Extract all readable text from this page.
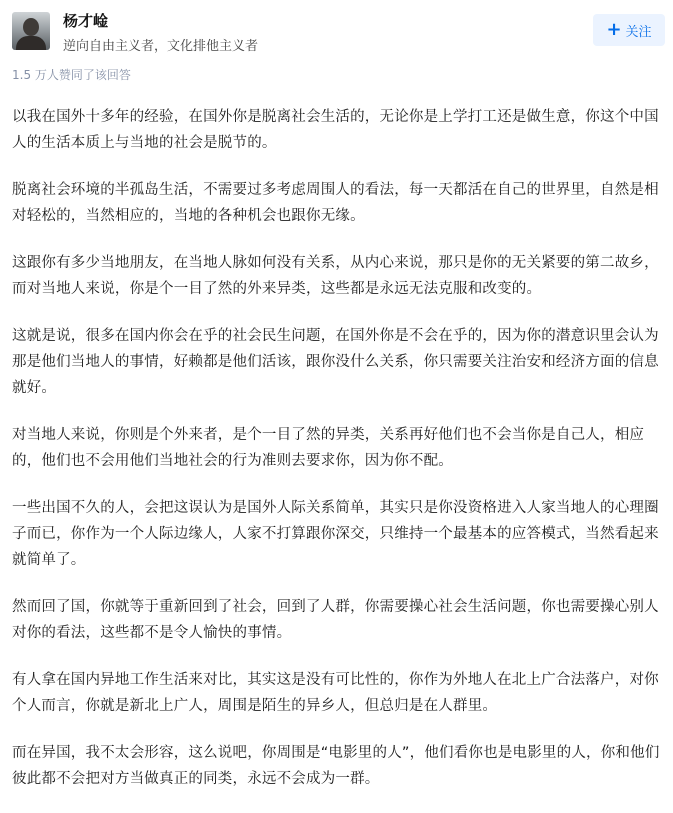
杨才崯
逆向自由主义者，文化排他主义者
+ 关注
1.5 万人赞同了该回答

以我在国外十多年的经验，在国外你是脱离社会生活的，无论你是上学打工还是做生意，你这个中国人的生活本质上与当地的社会是脱节的。

脱离社会环境的半孤岛生活，不需要过多考虑周围人的看法，每一天都活在自己的世界里，自然是相对轻松的，当然相应的，当地的各种机会也跟你无缘。

这跟你有多少当地朋友，在当地人脉如何没有关系，从内心来说，那只是你的无关紧要的第二故乡，而对当地人来说，你是个一目了然的外来异类，这些都是永远无法克服和改变的。

这就是说，很多在国内你会在乎的社会民生问题，在国外你是不会在乎的，因为你的潜意识里会认为那是他们当地人的事情，好赖都是他们活该，跟你没什么关系，你只需要关注治安和经济方面的信息就好。

对当地人来说，你则是个外来者，是个一目了然的异类，关系再好他们也不会当你是自己人，相应的，他们也不会用他们当地社会的行为准则去要求你，因为你不配。

一些出国不久的人，会把这误认为是国外人际关系简单，其实只是你没资格进入人家当地人的心理圈子而已，你作为一个人际边缘人，人家不打算跟你深交，只维持一个最基本的应答模式，当然看起来就简单了。

然而回了国，你就等于重新回到了社会，回到了人群，你需要操心社会生活问题，你也需要操心别人对你的看法，这些都不是令人愉快的事情。

有人拿在国内异地工作生活来对比，其实这是没有可比性的，你作为外地人在北上广合法落户，对你个人而言，你就是新北上广人，周围是陌生的异乡人，但总归是在人群里。

而在异国，我不太会形容，这么说吧，你周围是“电影里的人”，他们看你也是电影里的人，你和他们彼此都不会把对方当做真正的同类，永远不会成为一群。
